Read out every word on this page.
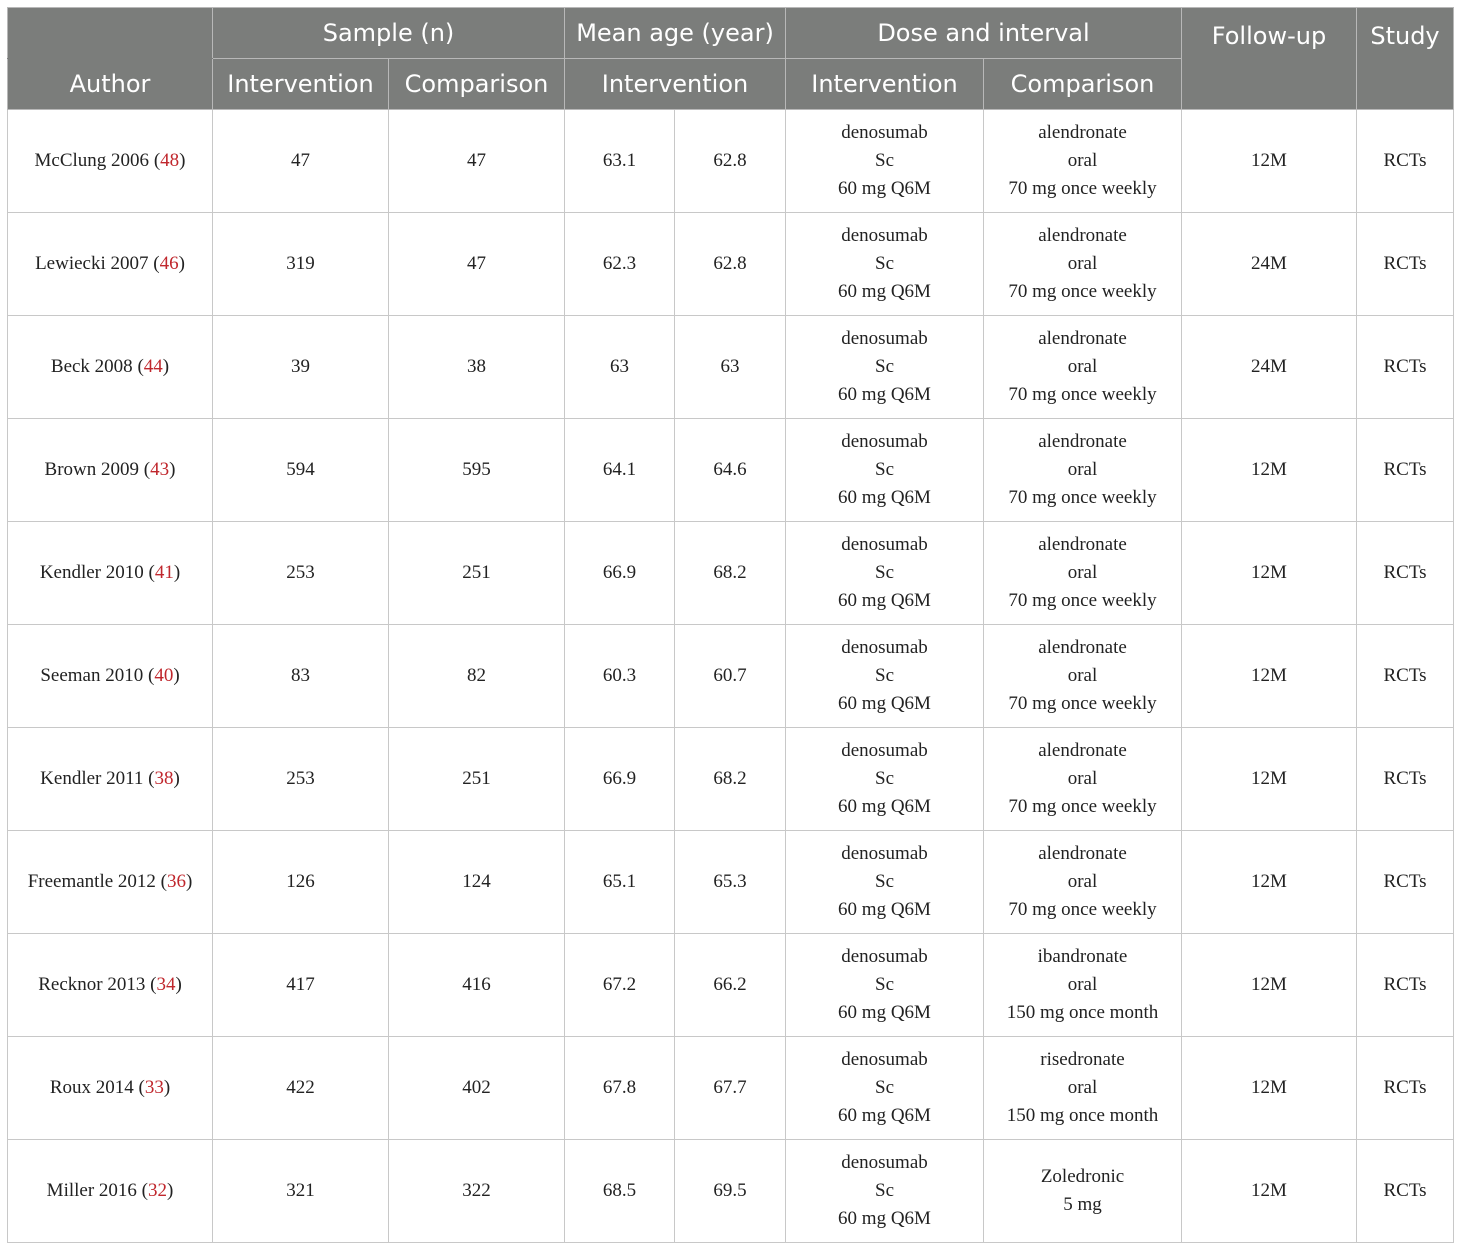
	Sample (n)		Mean age (year)		Dose and interval		Follow-up	Study
Author	Intervention	Comparison	Intervention		Intervention	Comparison		
McClung 2006 (48)	47	47	63.1	62.8	denosumab
Sc
60 mg Q6M	alendronate
oral
70 mg once weekly	12M	RCTs
Lewiecki 2007 (46)	319	47	62.3	62.8	denosumab
Sc
60 mg Q6M	alendronate
oral
70 mg once weekly	24M	RCTs
Beck 2008 (44)	39	38	63	63	denosumab
Sc
60 mg Q6M	alendronate
oral
70 mg once weekly	24M	RCTs
Brown 2009 (43)	594	595	64.1	64.6	denosumab
Sc
60 mg Q6M	alendronate
oral
70 mg once weekly	12M	RCTs
Kendler 2010 (41)	253	251	66.9	68.2	denosumab
Sc
60 mg Q6M	alendronate
oral
70 mg once weekly	12M	RCTs
Seeman 2010 (40)	83	82	60.3	60.7	denosumab
Sc
60 mg Q6M	alendronate
oral
70 mg once weekly	12M	RCTs
Kendler 2011 (38)	253	251	66.9	68.2	denosumab
Sc
60 mg Q6M	alendronate
oral
70 mg once weekly	12M	RCTs
Freemantle 2012 (36)	126	124	65.1	65.3	denosumab
Sc
60 mg Q6M	alendronate
oral
70 mg once weekly	12M	RCTs
Recknor 2013 (34)	417	416	67.2	66.2	denosumab
Sc
60 mg Q6M	ibandronate
oral
150 mg once month	12M	RCTs
Roux 2014 (33)	422	402	67.8	67.7	denosumab
Sc
60 mg Q6M	risedronate
oral
150 mg once month	12M	RCTs
Miller 2016 (32)	321	322	68.5	69.5	denosumab
Sc
60 mg Q6M	Zoledronic
5 mg	12M	RCTs
